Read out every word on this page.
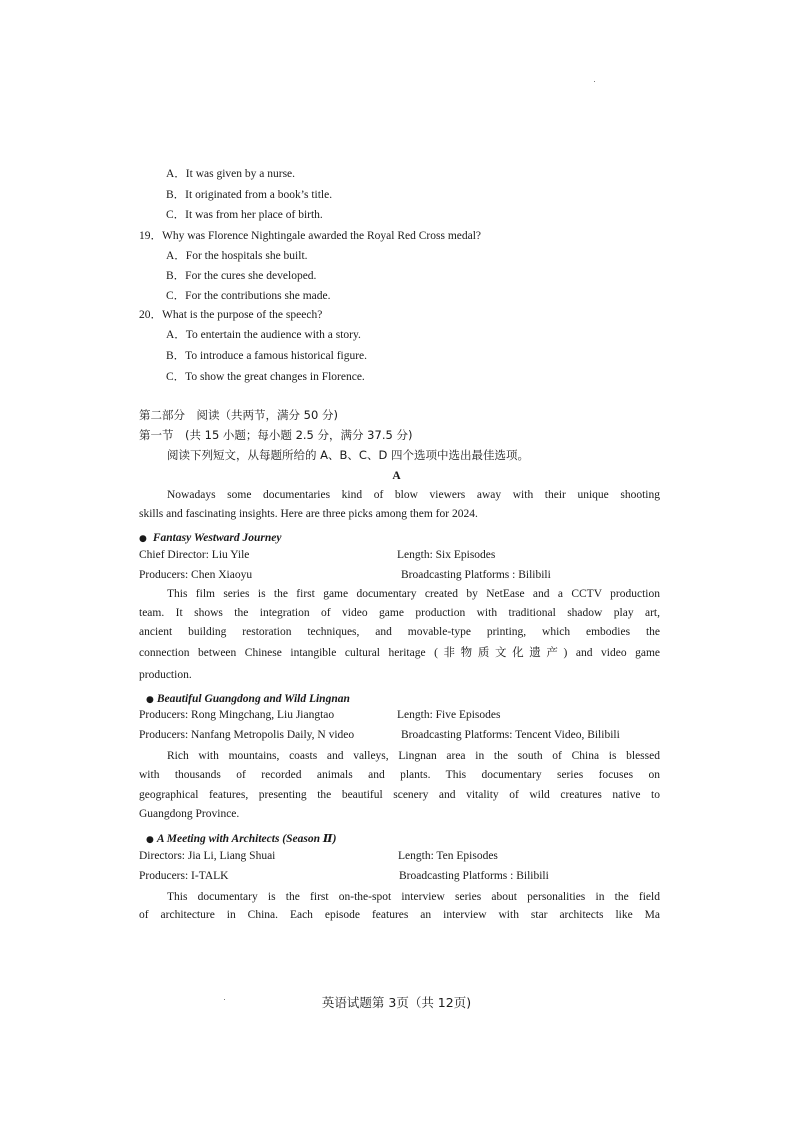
A．It was given by a nurse.
B．It originated from a book’s title.
C．It was from her place of birth.
19．Why was Florence Nightingale awarded the Royal Red Cross medal?
A．For the hospitals she built.
B．For the cures she developed.
C．For the contributions she made.
20．What is the purpose of the speech?
A．To entertain the audience with a story.
B．To introduce a famous historical figure.
C．To show the great changes in Florence.
第二部分　阅读（共两节，满分 50 分)
第一节　(共 15 小题；每小题 2.5 分，满分 37.5 分)
阅读下列短文，从每题所给的 A、B、C、D 四个选项中选出最佳选项。
A
Nowadays some documentaries kind of blow viewers away with their unique shooting
skills and fascinating insights. Here are three picks among them for 2024.
● Fantasy Westward Journey
Chief Director: Liu Yile	Length: Six Episodes
Producers: Chen Xiaoyu	Broadcasting Platforms : Bilibili
This film series is the first game documentary created by NetEase and a CCTV production
team. It shows the integration of video game production with traditional shadow play art,
ancient building restoration techniques, and movable-type printing, which embodies the
connection between Chinese intangible cultural heritage (非物质文化遗产) and video game
production.
● Beautiful Guangdong and Wild Lingnan
Producers: Rong Mingchang, Liu Jiangtao	Length: Five Episodes
Producers: Nanfang Metropolis Daily, N video	Broadcasting Platforms: Tencent Video, Bilibili
Rich with mountains, coasts and valleys, Lingnan area in the south of China is blessed
with thousands of recorded animals and plants. This documentary series focuses on
geographical features, presenting the beautiful scenery and vitality of wild creatures native to
Guangdong Province.
● A Meeting with Architects (Season Ⅱ)
Directors: Jia Li, Liang Shuai	Length: Ten Episodes
Producers: I-TALK	Broadcasting Platforms : Bilibili
This documentary is the first on-the-spot interview series about personalities in the field
of architecture in China. Each episode features an interview with star architects like Ma
英语试题第 3页（共 12页)
